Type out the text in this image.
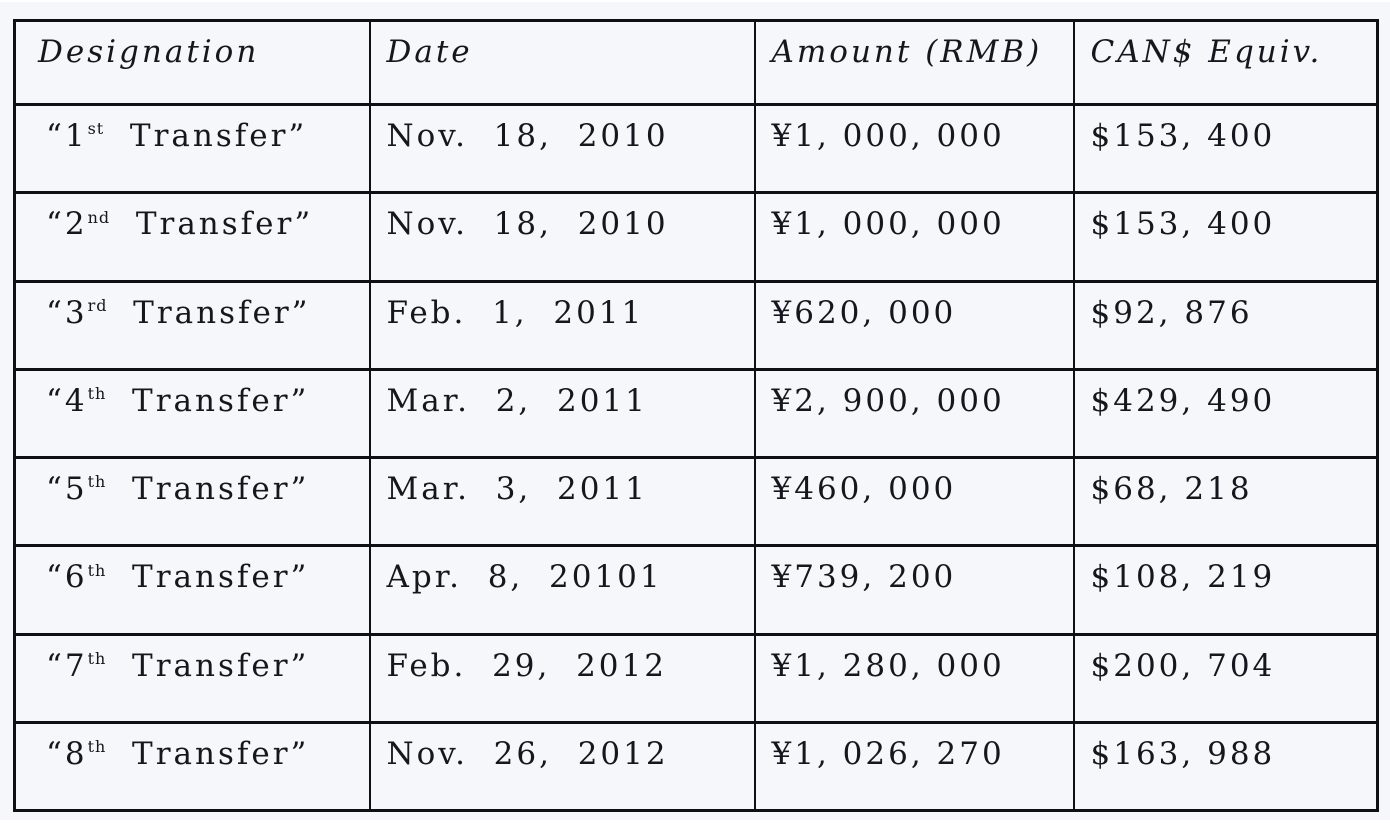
Designation	Date	Amount (RMB)	CAN$ Equiv.
“1st  Transfer”	Nov.  18,  2010	¥1, 000, 000	$153, 400
“2nd  Transfer”	Nov.  18,  2010	¥1, 000, 000	$153, 400
“3rd  Transfer”	Feb.  1,  2011	¥620, 000	$92, 876
“4th  Transfer”	Mar.  2,  2011	¥2, 900, 000	$429, 490
“5th  Transfer”	Mar.  3,  2011	¥460, 000	$68, 218
“6th  Transfer”	Apr.  8,  20101	¥739, 200	$108, 219
“7th  Transfer”	Feb.  29,  2012	¥1, 280, 000	$200, 704
“8th  Transfer”	Nov.  26,  2012	¥1, 026, 270	$163, 988
